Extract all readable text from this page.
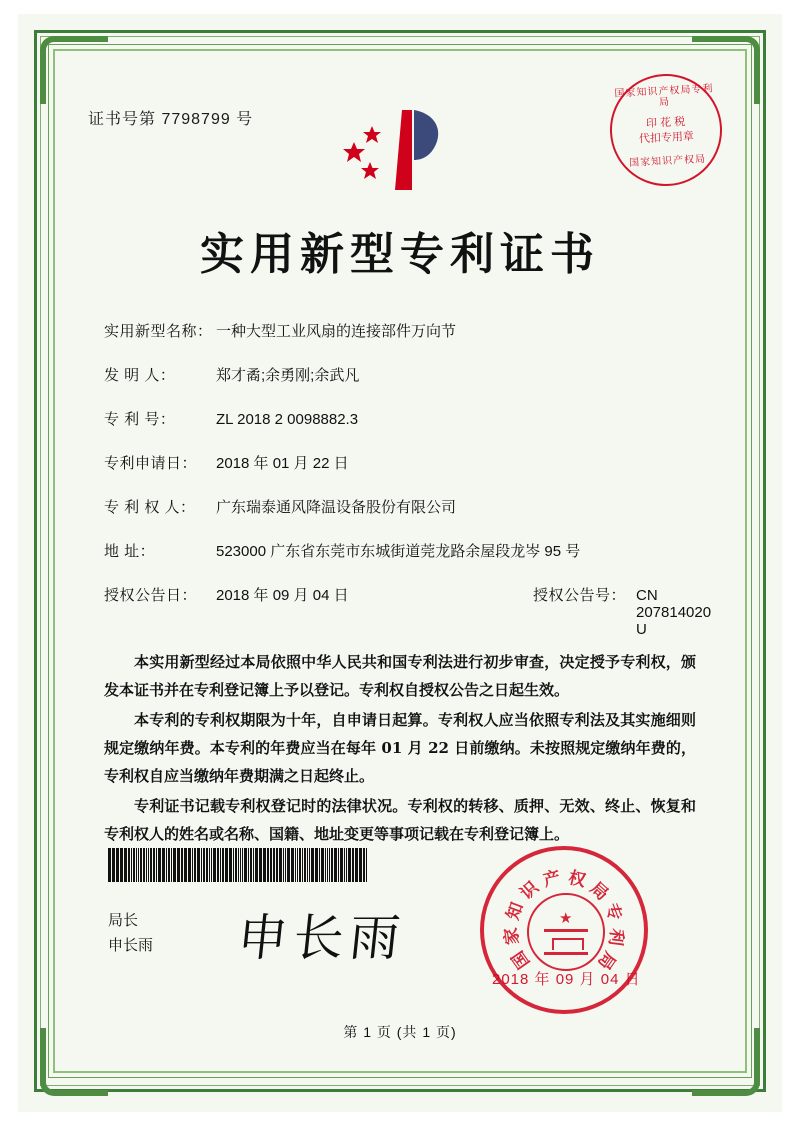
证书号第 7798799 号
国家知识产权局专利局
印 花 税
代扣专用章
国家知识产权局
实用新型专利证书
实用新型名称： 一种大型工业风扇的连接部件万向节
发 明 人：	郑才矞;余勇刚;余武凡
专 利 号：	ZL 2018 2 0098882.3
专利申请日：	2018 年 01 月 22 日
专 利 权 人：	广东瑞泰通风降温设备股份有限公司
地 址：	523000 广东省东莞市东城街道莞龙路余屋段龙岑 95 号
授权公告日：	2018 年 09 月 04 日	授权公告号： CN 207814020 U

本实用新型经过本局依照中华人民共和国专利法进行初步审查，决定授予专利权，颁发本证书并在专利登记簿上予以登记。专利权自授权公告之日起生效。

本专利的专利权期限为十年，自申请日起算。专利权人应当依照专利法及其实施细则规定缴纳年费。本专利的年费应当在每年 01 月 22 日前缴纳。未按照规定缴纳年费的，专利权自应当缴纳年费期满之日起终止。

专利证书记载专利权登记时的法律状况。专利权的转移、质押、无效、终止、恢复和专利权人的姓名或名称、国籍、地址变更等事项记载在专利登记簿上。

局长
申长雨 申长雨	国
家
知
识 产 权
局
专
利
局
★
2018 年 09 月 04 日
第 1 页 (共 1 页)
